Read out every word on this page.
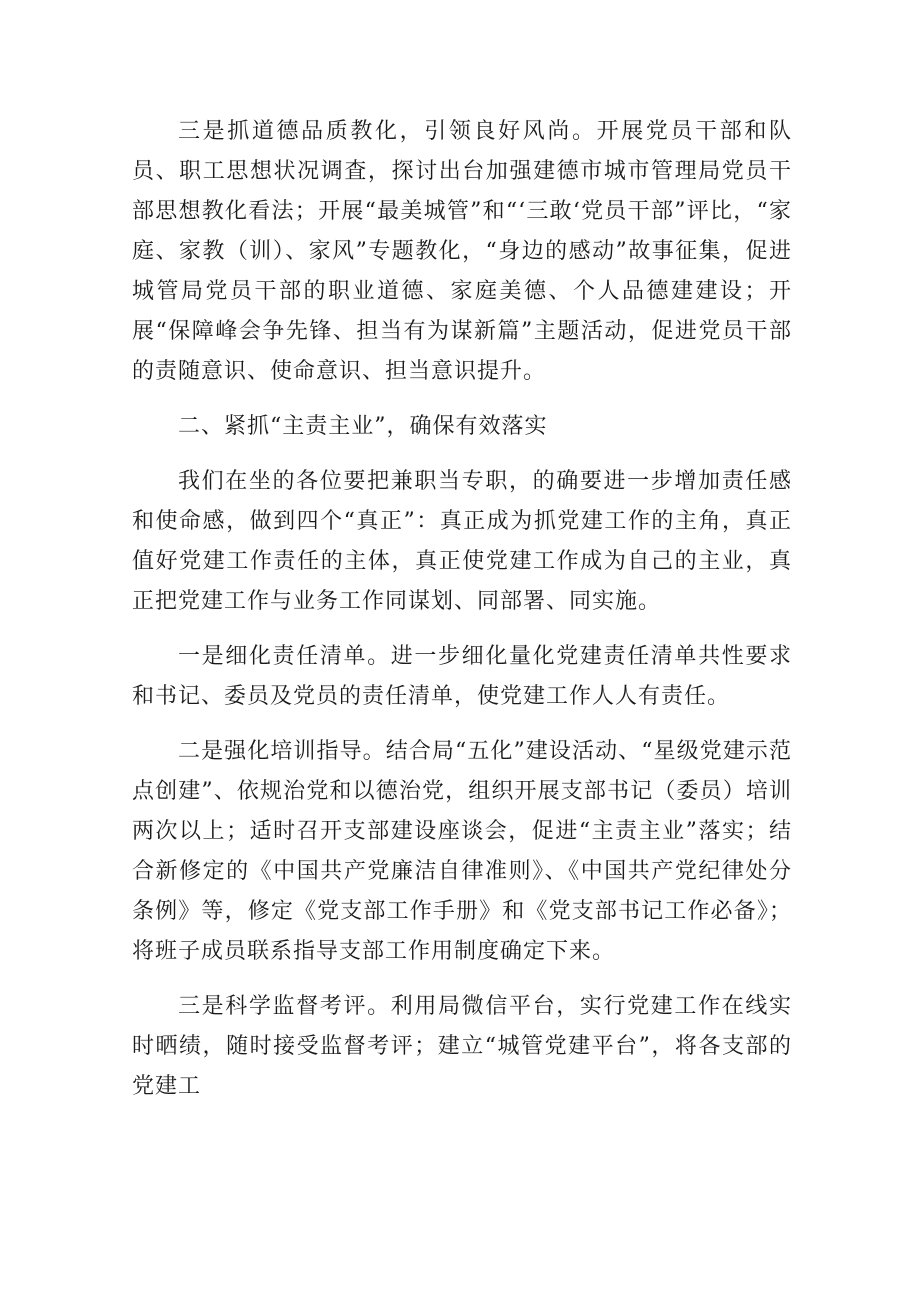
三是抓道德品质教化，引领良好风尚。开展党员干部和队员、职工思想状况调査，探讨出台加强建德市城市管理局党员干部思想教化看法；开展“最美城管”和“‘三敢‘党员干部”评比，“家庭、家教（训）、家风”专题教化，“身边的感动”故事征集，促进城管局党员干部的职业道德、家庭美德、个人品德建建设；开展“保障峰会争先锋、担当有为谋新篇”主题活动，促进党员干部的责随意识、使命意识、担当意识提升。

二、紧抓“主责主业”，确保有效落实

我们在坐的各位要把兼职当专职，的确要进一步增加责任感和使命感，做到四个“真正”：真正成为抓党建工作的主角，真正值好党建工作责任的主体，真正使党建工作成为自己的主业，真正把党建工作与业务工作同谋划、同部署、同实施。

一是细化责任清单。进一步细化量化党建责任清单共性要求和书记、委员及党员的责任清单，使党建工作人人有责任。

二是强化培训指导。结合局“五化”建设活动、“星级党建示范点创建”、依规治党和以德治党，组织开展支部书记（委员）培训两次以上；适时召开支部建设座谈会，促进“主责主业”落实；结合新修定的《中国共产党廉洁自律准则》、《中国共产党纪律处分条例》等，修定《党支部工作手册》和《党支部书记工作必备》；将班子成员联系指导支部工作用制度确定下来。

三是科学监督考评。利用局微信平台，实行党建工作在线实时晒绩，随时接受监督考评；建立“城管党建平台”，将各支部的党建工
